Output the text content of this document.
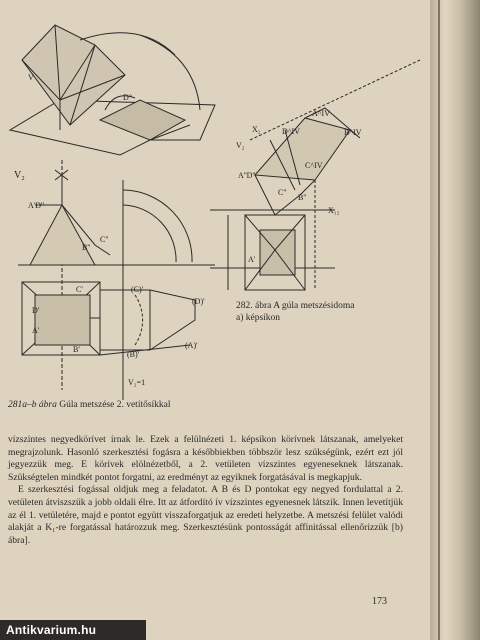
V
D°
V₂
A'D''
B''
C''
C'	(C)'
(D)'
D'
A'
B'
(B)'
(A)'
V₂=1
X₂
V₂
A^IV
B^IV
D^IV
C^IV
A''D''
B''
C''
X₁₂
A'
282. ábra A gúla metszésidoma
a) képsíkon
281a–b ábra Gúla metszése 2. vetítősíkkal

vízszintes negyedkörívet írnak le. Ezek a felülnézeti 1. képsíkon körívnek látszanak, amelyeket megrajzolunk. Hasonló szerkesztési fogásra a későbbiekben többször lesz szükségünk, ezért ezt jól jegyezzük meg. E körívek elölnézetből, a 2. vetületen vízszintes egyeneseknek látszanak. Szükségtelen mindkét pontot forgatni, az eredményt az egyiknek forgatásával is megkapjuk.

E szerkesztési fogással oldjuk meg a feladatot. A B és D pontokat egy negyed fordulattal a 2. vetületen átviszszük a jobb oldali élre. Itt az átfordító ív vízszintes egyenesnek látszik. Innen levetítjük az él 1. vetületére, majd e pontot együtt visszaforgatjuk az eredeti helyzetbe. A metszési felület valódi alakját a K₁-re forgatással határozzuk meg. Szerkesztésünk pontosságát affinitással ellenőrizzük [b) ábra].

173
Antikvarium.hu
